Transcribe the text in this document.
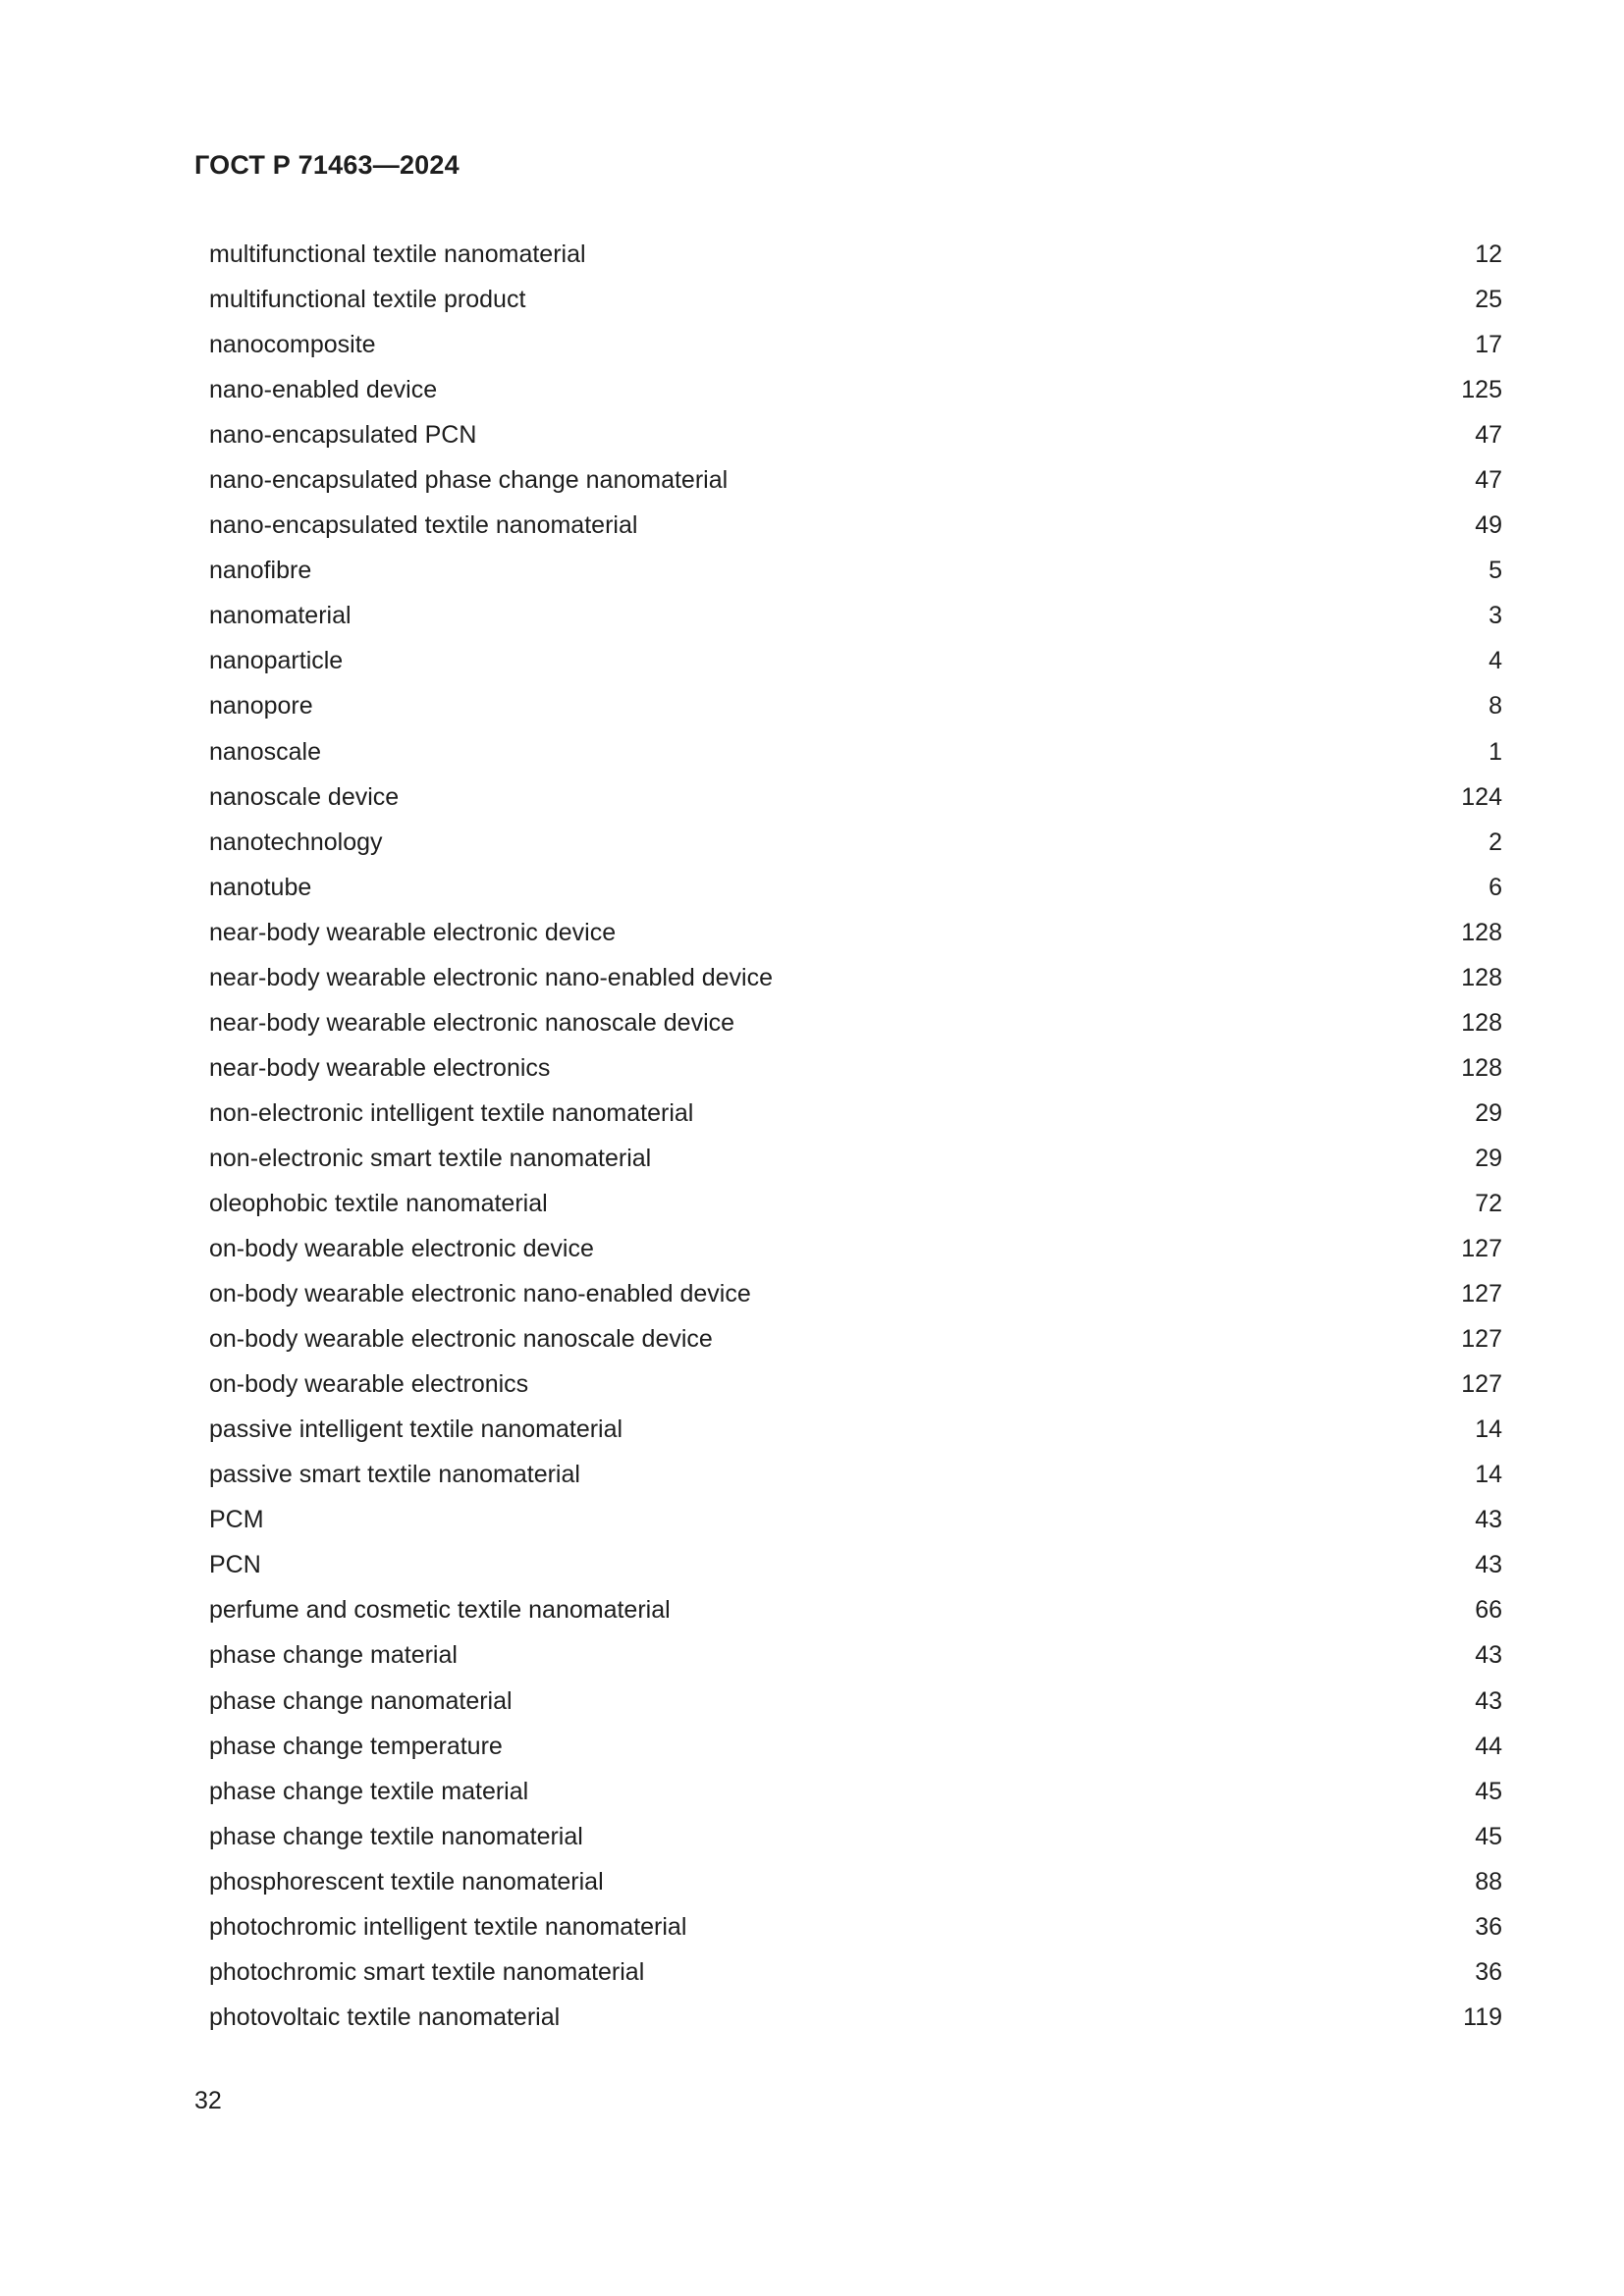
ГОСТ Р 71463—2024
multifunctional textile nanomaterial	12
multifunctional textile product	25
nanocomposite	17
nano-enabled device	125
nano-encapsulated PCN	47
nano-encapsulated phase change nanomaterial	47
nano-encapsulated textile nanomaterial	49
nanofibre	5
nanomaterial	3
nanoparticle	4
nanopore	8
nanoscale	1
nanoscale device	124
nanotechnology	2
nanotube	6
near-body wearable electronic device	128
near-body wearable electronic nano-enabled device	128
near-body wearable electronic nanoscale device	128
near-body wearable electronics	128
non-electronic intelligent textile nanomaterial	29
non-electronic smart textile nanomaterial	29
oleophobic textile nanomaterial	72
on-body wearable electronic device	127
on-body wearable electronic nano-enabled device	127
on-body wearable electronic nanoscale device	127
on-body wearable electronics	127
passive intelligent textile nanomaterial	14
passive smart textile nanomaterial	14
PCM	43
PCN	43
perfume and cosmetic textile nanomaterial	66
phase change material	43
phase change nanomaterial	43
phase change temperature	44
phase change textile material	45
phase change textile nanomaterial	45
phosphorescent textile nanomaterial	88
photochromic intelligent textile nanomaterial	36
photochromic smart textile nanomaterial	36
photovoltaic textile nanomaterial	119
32
